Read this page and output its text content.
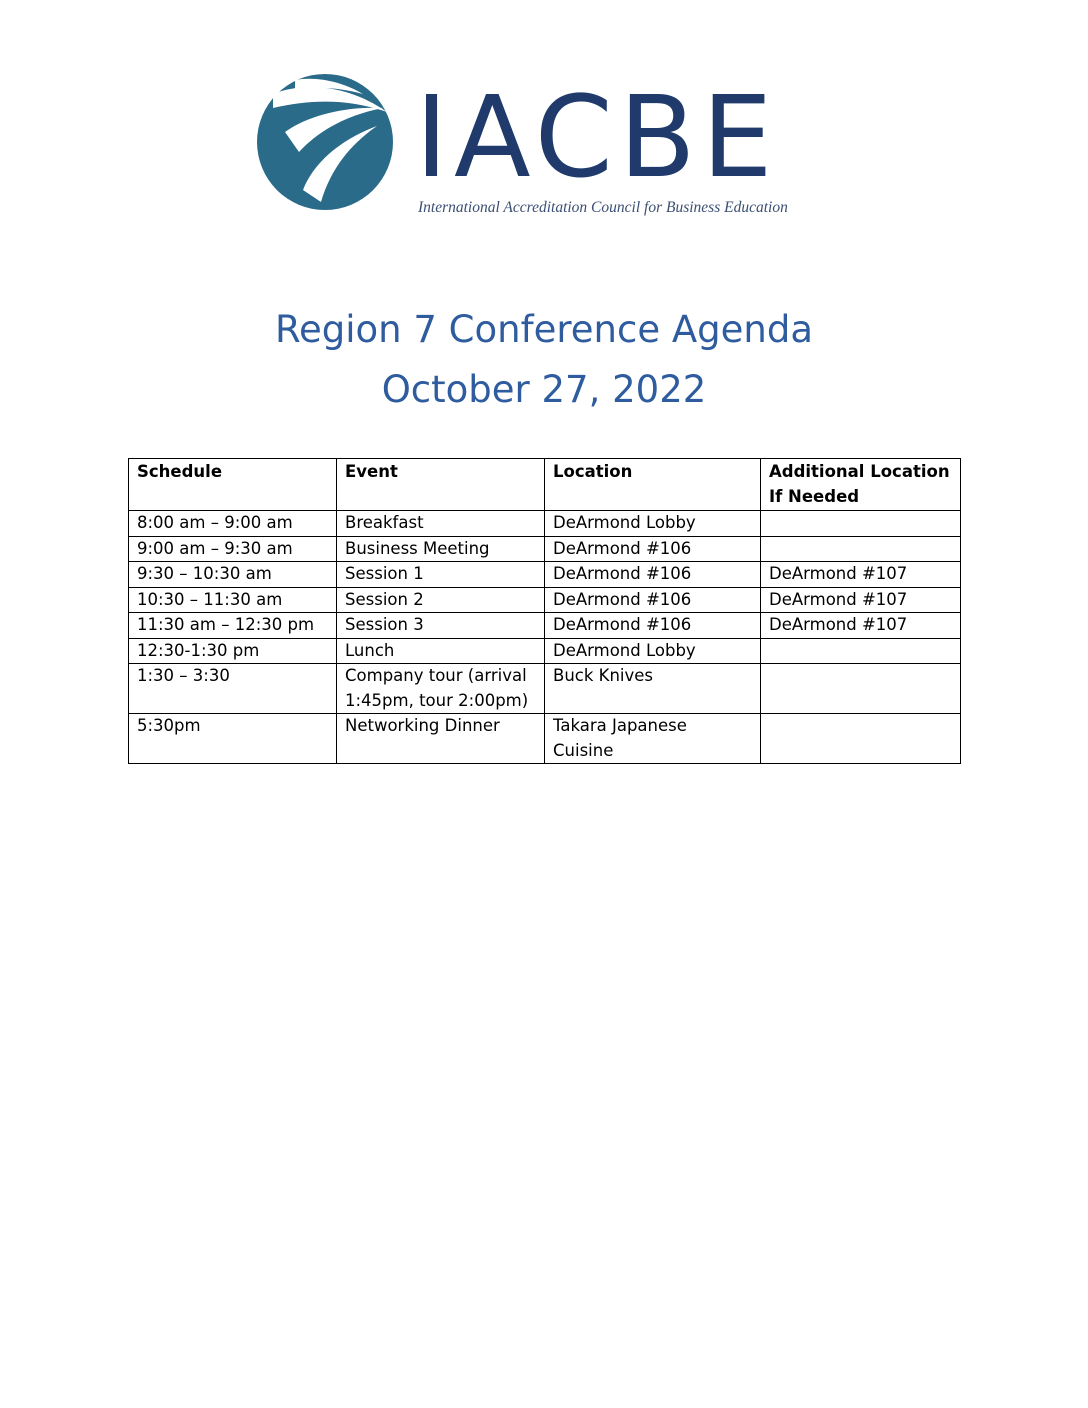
IACBE
International Accreditation Council for Business Education
Region 7 Conference Agenda
October 27, 2022
Schedule	Event	Location	Additional Location If Needed
8:00 am – 9:00 am	Breakfast	DeArmond Lobby	
9:00 am – 9:30 am	Business Meeting	DeArmond #106	
9:30 – 10:30 am	Session 1	DeArmond #106	DeArmond #107
10:30 – 11:30 am	Session 2	DeArmond #106	DeArmond #107
11:30 am – 12:30 pm	Session 3	DeArmond #106	DeArmond #107
12:30-1:30 pm	Lunch	DeArmond Lobby	
1:30 – 3:30	Company tour (arrival 1:45pm, tour 2:00pm)	Buck Knives	
5:30pm	Networking Dinner	Takara Japanese Cuisine	
